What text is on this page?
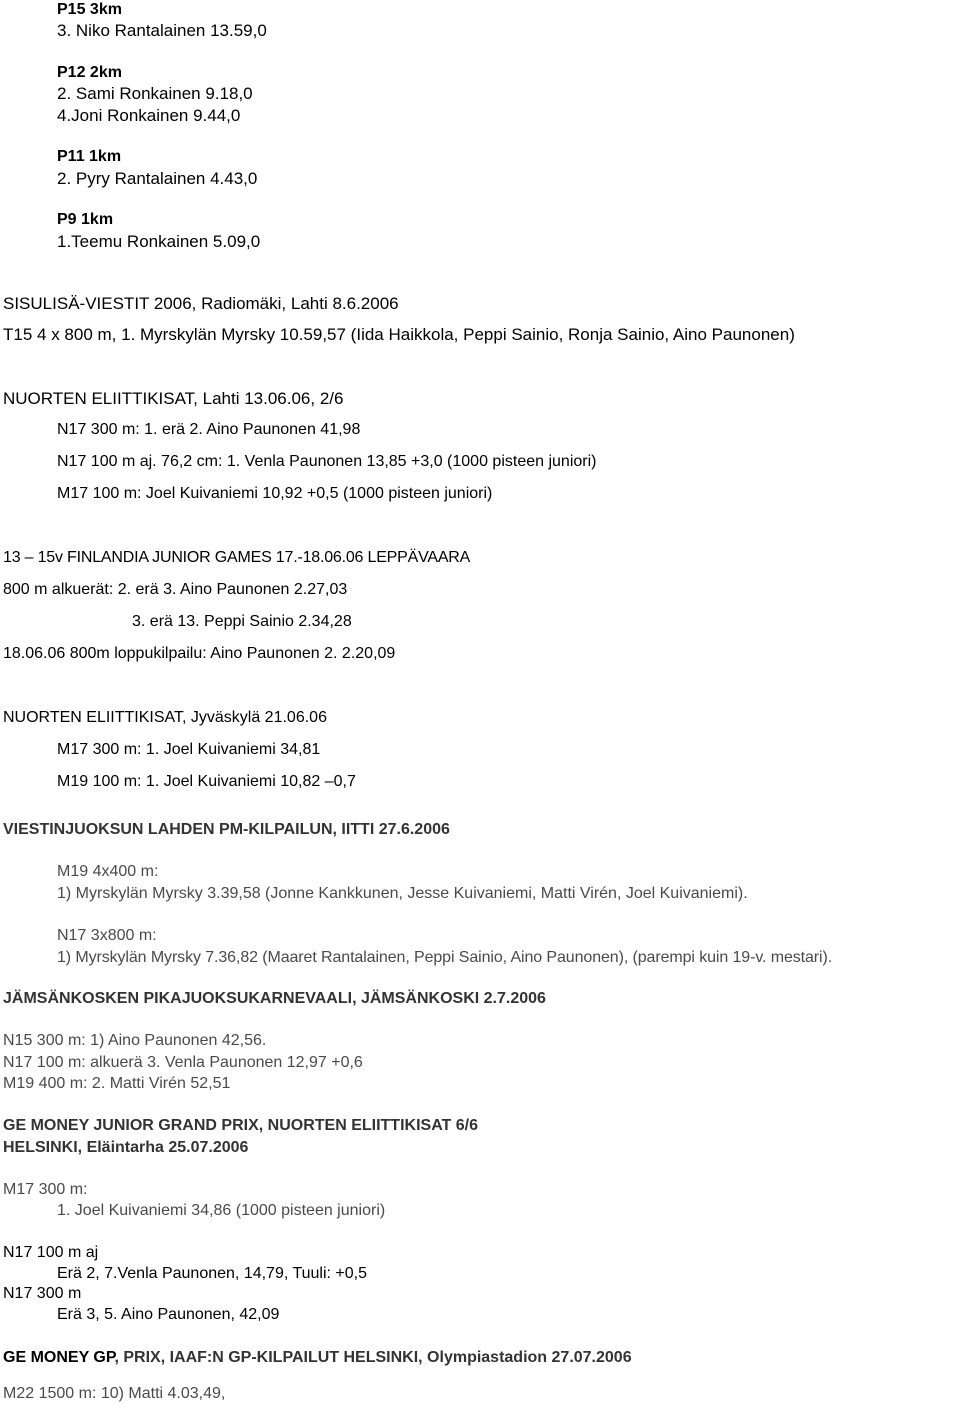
P15 3km
3. Niko Rantalainen 13.59,0
P12 2km
2. Sami Ronkainen 9.18,0
4.Joni Ronkainen 9.44,0
P11 1km
2. Pyry Rantalainen 4.43,0
P9 1km
1.Teemu Ronkainen 5.09,0
SISULISÄ-VIESTIT 2006, Radiomäki, Lahti 8.6.2006
T15 4 x 800 m, 1. Myrskylän Myrsky 10.59,57 (Iida Haikkola, Peppi Sainio, Ronja Sainio, Aino Paunonen)
NUORTEN ELIITTIKISAT, Lahti 13.06.06, 2/6
N17 300 m: 1. erä 2. Aino Paunonen 41,98
N17 100 m aj. 76,2 cm: 1. Venla Paunonen 13,85 +3,0 (1000 pisteen juniori)
M17 100 m: Joel Kuivaniemi 10,92 +0,5 (1000 pisteen juniori)
13 – 15v FINLANDIA JUNIOR GAMES 17.-18.06.06 LEPPÄVAARA
800 m alkuerät: 2. erä 3. Aino Paunonen 2.27,03
3. erä 13. Peppi Sainio 2.34,28
18.06.06 800m loppukilpailu: Aino Paunonen 2. 2.20,09
NUORTEN ELIITTIKISAT, Jyväskylä 21.06.06
M17 300 m: 1. Joel Kuivaniemi 34,81
M19 100 m: 1. Joel Kuivaniemi 10,82 –0,7
VIESTINJUOKSUN LAHDEN PM-KILPAILUN, IITTI 27.6.2006
M19 4x400 m:
1) Myrskylän Myrsky 3.39,58 (Jonne Kankkunen, Jesse Kuivaniemi, Matti Virén, Joel Kuivaniemi).
N17 3x800 m:
1) Myrskylän Myrsky 7.36,82 (Maaret Rantalainen, Peppi Sainio, Aino Paunonen), (parempi kuin 19-v. mestari).
JÄMSÄNKOSKEN PIKAJUOKSUKARNEVAALI, JÄMSÄNKOSKI 2.7.2006
N15 300 m: 1) Aino Paunonen 42,56.
N17 100 m: alkuerä 3. Venla Paunonen 12,97 +0,6
M19 400 m: 2. Matti Virén 52,51
GE MONEY JUNIOR GRAND PRIX, NUORTEN ELIITTIKISAT 6/6
HELSINKI, Eläintarha 25.07.2006
M17 300 m:
1. Joel Kuivaniemi 34,86 (1000 pisteen juniori)
N17 100 m aj
Erä 2, 7.Venla Paunonen, 14,79, Tuuli: +0,5
N17 300 m
Erä 3, 5. Aino Paunonen, 42,09
GE MONEY GP, PRIX, IAAF:N GP-KILPAILUT HELSINKI, Olympiastadion 27.07.2006
M22 1500 m: 10) Matti 4.03,49,
